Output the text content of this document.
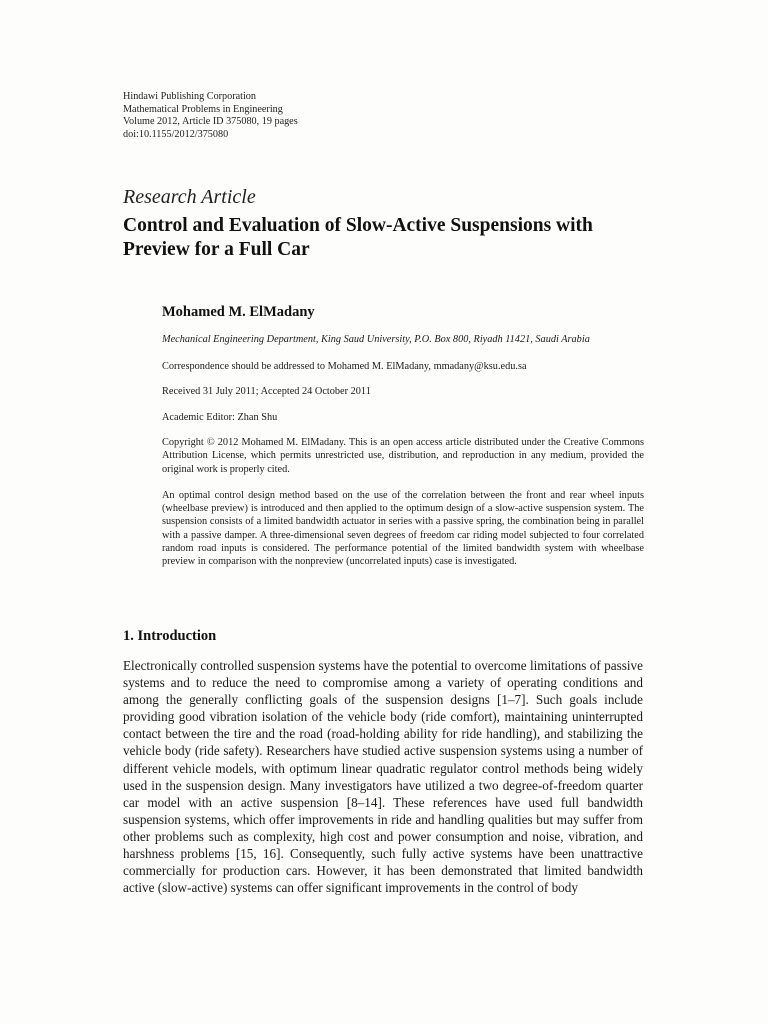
Hindawi Publishing Corporation
Mathematical Problems in Engineering
Volume 2012, Article ID 375080, 19 pages
doi:10.1155/2012/375080
Research Article
Control and Evaluation of Slow-Active Suspensions with Preview for a Full Car
Mohamed M. ElMadany
Mechanical Engineering Department, King Saud University, P.O. Box 800, Riyadh 11421, Saudi Arabia
Correspondence should be addressed to Mohamed M. ElMadany, mmadany@ksu.edu.sa
Received 31 July 2011; Accepted 24 October 2011
Academic Editor: Zhan Shu

Copyright © 2012 Mohamed M. ElMadany. This is an open access article distributed under the Creative Commons Attribution License, which permits unrestricted use, distribution, and reproduction in any medium, provided the original work is properly cited.

An optimal control design method based on the use of the correlation between the front and rear wheel inputs (wheelbase preview) is introduced and then applied to the optimum design of a slow-active suspension system. The suspension consists of a limited bandwidth actuator in series with a passive spring, the combination being in parallel with a passive damper. A three-dimensional seven degrees of freedom car riding model subjected to four correlated random road inputs is considered. The performance potential of the limited bandwidth system with wheelbase preview in comparison with the nonpreview (uncorrelated inputs) case is investigated.

1. Introduction

Electronically controlled suspension systems have the potential to overcome limitations of passive systems and to reduce the need to compromise among a variety of operating conditions and among the generally conflicting goals of the suspension designs [1–7]. Such goals include providing good vibration isolation of the vehicle body (ride comfort), maintaining uninterrupted contact between the tire and the road (road-holding ability for ride handling), and stabilizing the vehicle body (ride safety). Researchers have studied active suspension systems using a number of different vehicle models, with optimum linear quadratic regulator control methods being widely used in the suspension design. Many investigators have utilized a two degree-of-freedom quarter car model with an active suspension [8–14]. These references have used full bandwidth suspension systems, which offer improvements in ride and handling qualities but may suffer from other problems such as complexity, high cost and power consumption and noise, vibration, and harshness problems [15, 16]. Consequently, such fully active systems have been unattractive commercially for production cars. However, it has been demonstrated that limited bandwidth active (slow-active) systems can offer significant improvements in the control of body
